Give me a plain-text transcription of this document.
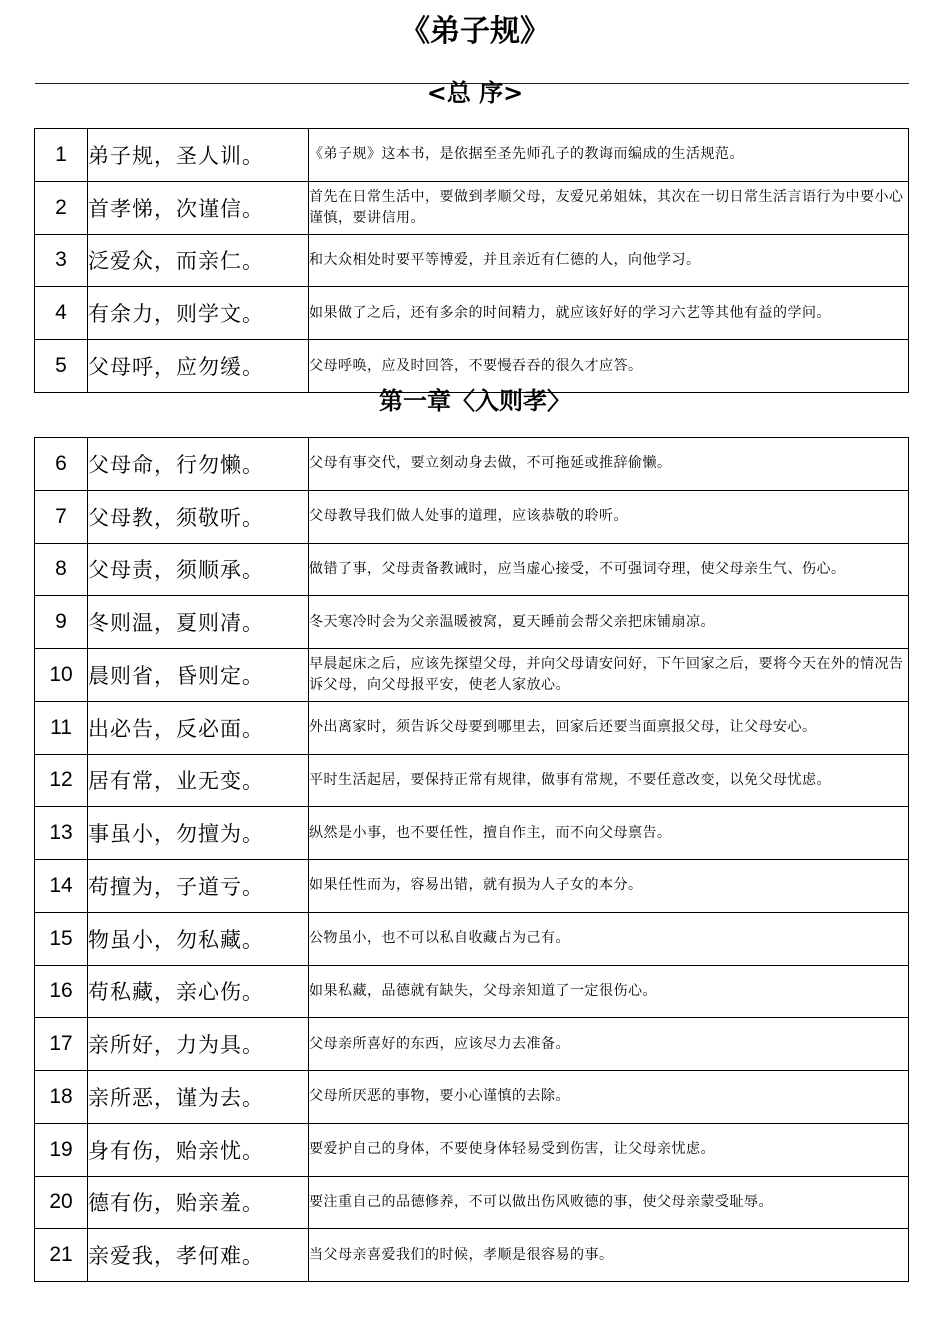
《弟子规》
<总 序>
1	弟子规，圣人训。	《弟子规》这本书，是依据至圣先师孔子的教诲而编成的生活规范。
2	首孝悌，次谨信。	首先在日常生活中，要做到孝顺父母，友爱兄弟姐妹，其次在一切日常生活言语行为中要小心谨慎，要讲信用。
3	泛爱众，而亲仁。	和大众相处时要平等博爱，并且亲近有仁德的人，向他学习。
4	有余力，则学文。	如果做了之后，还有多余的时间精力，就应该好好的学习六艺等其他有益的学问。
5	父母呼，应勿缓。	父母呼唤，应及时回答，不要慢吞吞的很久才应答。
第一章〈入则孝〉
6	父母命，行勿懒。	父母有事交代，要立刻动身去做，不可拖延或推辞偷懒。
7	父母教，须敬听。	父母教导我们做人处事的道理，应该恭敬的聆听。
8	父母责，须顺承。	做错了事，父母责备教诫时，应当虚心接受，不可强词夺理，使父母亲生气、伤心。
9	冬则温，夏则凊。	冬天寒冷时会为父亲温暖被窝，夏天睡前会帮父亲把床铺扇凉。
10	晨则省，昏则定。	早晨起床之后，应该先探望父母，并向父母请安问好，下午回家之后，要将今天在外的情况告诉父母，向父母报平安，使老人家放心。
11	出必告，反必面。	外出离家时，须告诉父母要到哪里去，回家后还要当面禀报父母，让父母安心。
12	居有常，业无变。	平时生活起居，要保持正常有规律，做事有常规，不要任意改变，以免父母忧虑。
13	事虽小，勿擅为。	纵然是小事，也不要任性，擅自作主，而不向父母禀告。
14	苟擅为，子道亏。	如果任性而为，容易出错，就有损为人子女的本分。
15	物虽小，勿私藏。	公物虽小，也不可以私自收藏占为己有。
16	苟私藏，亲心伤。	如果私藏，品德就有缺失，父母亲知道了一定很伤心。
17	亲所好，力为具。	父母亲所喜好的东西，应该尽力去准备。
18	亲所恶，谨为去。	父母所厌恶的事物，要小心谨慎的去除。
19	身有伤，贻亲忧。	要爱护自己的身体，不要使身体轻易受到伤害，让父母亲忧虑。
20	德有伤，贻亲羞。	要注重自己的品德修养，不可以做出伤风败德的事，使父母亲蒙受耻辱。
21	亲爱我，孝何难。	当父母亲喜爱我们的时候，孝顺是很容易的事。
